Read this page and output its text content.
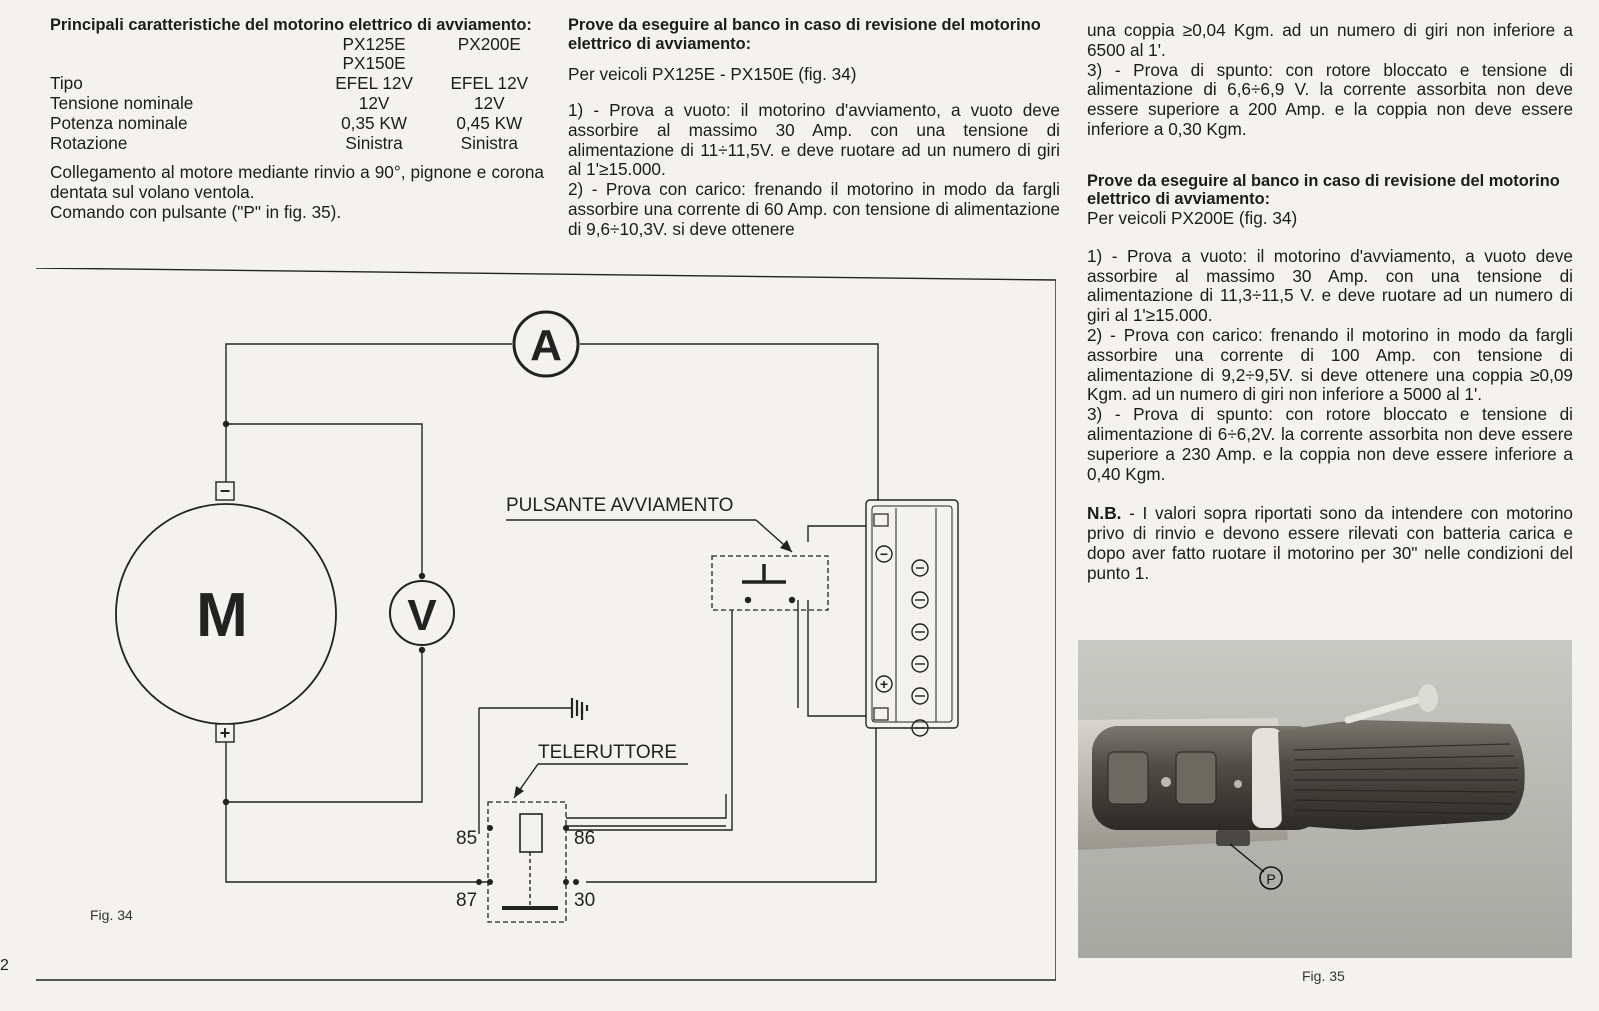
Principali caratteristiche del motorino elettrico di avviamento:

	PX125E PX150E	PX200E
Tipo	EFEL 12V	EFEL 12V
Tensione nominale	12V	12V
Potenza nominale	0,35 KW	0,45 KW
Rotazione	Sinistra	Sinistra

Collegamento al motore mediante rinvio a 90°, pignone e corona dentata sul volano ventola.

Comando con pulsante ("P" in fig. 35).

Prove da eseguire al banco in caso di revisione del motorino elettrico di avviamento:

Per veicoli PX125E - PX150E (fig. 34)

1) - Prova a vuoto: il motorino d'avviamento, a vuoto deve assorbire al massimo 30 Amp. con una tensione di alimentazione di 11÷11,5V. e deve ruotare ad un numero di giri al 1'≥15.000.

2) - Prova con carico: frenando il motorino in modo da fargli assorbire una corrente di 60 Amp. con tensione di alimentazione di 9,6÷10,3V. si deve ottenere

una coppia ≥0,04 Kgm. ad un numero di giri non inferiore a 6500 al 1'.

3) - Prova di spunto: con rotore bloccato e tensione di alimentazione di 6,6÷6,9 V. la corrente assorbita non deve essere superiore a 200 Amp. e la coppia non deve essere inferiore a 0,30 Kgm.

Prove da eseguire al banco in caso di revisione del motorino elettrico di avviamento:

Per veicoli PX200E (fig. 34)

1) - Prova a vuoto: il motorino d'avviamento, a vuoto deve assorbire al massimo 30 Amp. con una tensione di alimentazione di 11,3÷11,5 V. e deve ruotare ad un numero di giri al 1'≥15.000.

2) - Prova con carico: frenando il motorino in modo da fargli assorbire una corrente di 100 Amp. con tensione di alimentazione di 9,2÷9,5V. si deve ottenere una coppia ≥0,09 Kgm. ad un numero di giri non inferiore a 5000 al 1'.

3) - Prova di spunto: con rotore bloccato e tensione di alimentazione di 6÷6,2V. la corrente assorbita non deve essere superiore a 230 Amp. e la coppia non deve essere inferiore a 0,40 Kgm.

N.B. - I valori sopra riportati sono da intendere con motorino privo di rinvio e devono essere rilevati con batteria carica e dopo aver fatto ruotare il motorino per 30" nelle condizioni del punto 1.

A
M
−
+
V
PULSANTE AVVIAMENTO
TELERUTTORE
85	86
87	30
−
+
Fig. 34
P
Fig. 35
2
